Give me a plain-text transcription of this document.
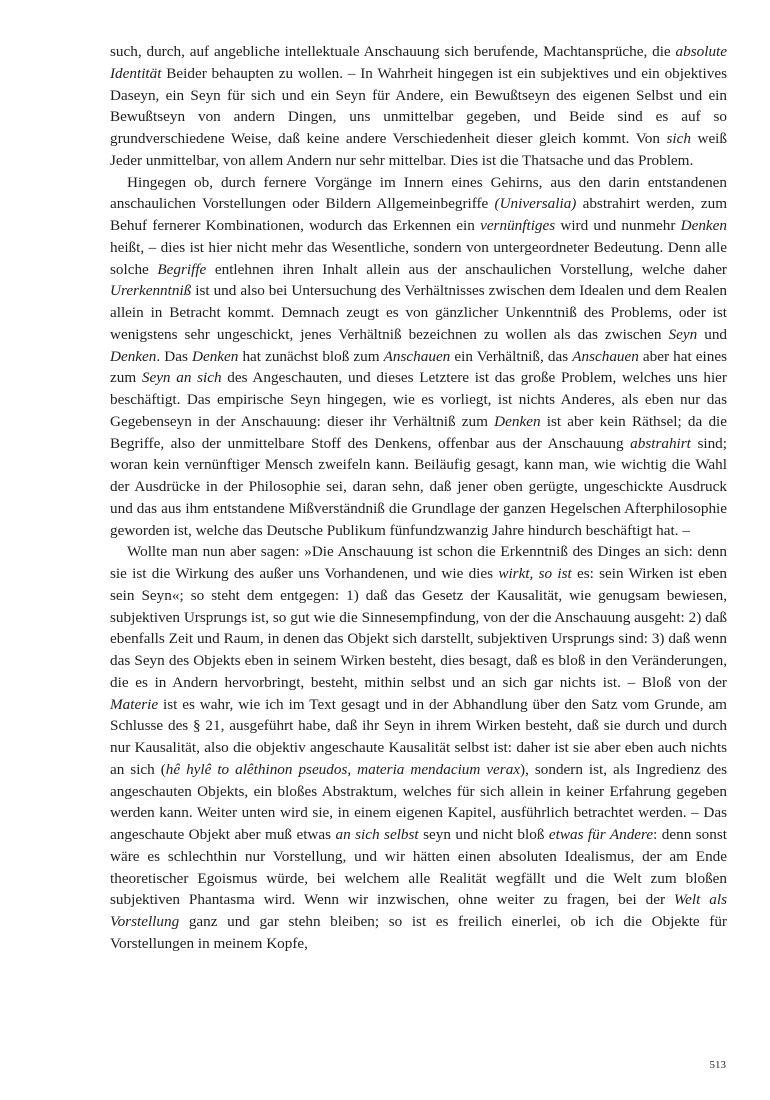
such, durch, auf angebliche intellektuale Anschauung sich berufende, Machtansprüche, die absolute Identität Beider behaupten zu wollen. – In Wahrheit hingegen ist ein subjektives und ein objektives Daseyn, ein Seyn für sich und ein Seyn für Andere, ein Bewußtseyn des eigenen Selbst und ein Bewußtseyn von andern Dingen, uns unmittelbar gegeben, und Beide sind es auf so grundverschiedene Weise, daß keine andere Verschiedenheit dieser gleich kommt. Von sich weiß Jeder unmittelbar, von allem Andern nur sehr mittelbar. Dies ist die Thatsache und das Problem.

Hingegen ob, durch fernere Vorgänge im Innern eines Gehirns, aus den darin entstandenen anschaulichen Vorstellungen oder Bildern Allgemeinbegriffe (Universalia) abstrahirt werden, zum Behuf fernerer Kombinationen, wodurch das Erkennen ein vernünftiges wird und nunmehr Denken heißt, – dies ist hier nicht mehr das Wesentliche, sondern von untergeordneter Bedeutung. Denn alle solche Begriffe entlehnen ihren Inhalt allein aus der anschaulichen Vorstellung, welche daher Urerkenntniß ist und also bei Untersuchung des Verhältnisses zwischen dem Idealen und dem Realen allein in Betracht kommt. Demnach zeugt es von gänzlicher Unkenntniß des Problems, oder ist wenigstens sehr ungeschickt, jenes Verhältniß bezeichnen zu wollen als das zwischen Seyn und Denken. Das Denken hat zunächst bloß zum Anschauen ein Verhältniß, das Anschauen aber hat eines zum Seyn an sich des Angeschauten, und dieses Letztere ist das große Problem, welches uns hier beschäftigt. Das empirische Seyn hingegen, wie es vorliegt, ist nichts Anderes, als eben nur das Gegebenseyn in der Anschauung: dieser ihr Verhältniß zum Denken ist aber kein Räthsel; da die Begriffe, also der unmittelbare Stoff des Denkens, offenbar aus der Anschauung abstrahirt sind; woran kein vernünftiger Mensch zweifeln kann. Beiläufig gesagt, kann man, wie wichtig die Wahl der Ausdrücke in der Philosophie sei, daran sehn, daß jener oben gerügte, ungeschickte Ausdruck und das aus ihm entstandene Mißverständniß die Grundlage der ganzen Hegelschen Afterphilosophie geworden ist, welche das Deutsche Publikum fünfundzwanzig Jahre hindurch beschäftigt hat. –

Wollte man nun aber sagen: »Die Anschauung ist schon die Erkenntniß des Dinges an sich: denn sie ist die Wirkung des außer uns Vorhandenen, und wie dies wirkt, so ist es: sein Wirken ist eben sein Seyn«; so steht dem entgegen: 1) daß das Gesetz der Kausalität, wie genugsam bewiesen, subjektiven Ursprungs ist, so gut wie die Sinnesempfindung, von der die Anschauung ausgeht: 2) daß ebenfalls Zeit und Raum, in denen das Objekt sich darstellt, subjektiven Ursprungs sind: 3) daß wenn das Seyn des Objekts eben in seinem Wirken besteht, dies besagt, daß es bloß in den Veränderungen, die es in Andern hervorbringt, besteht, mithin selbst und an sich gar nichts ist. – Bloß von der Materie ist es wahr, wie ich im Text gesagt und in der Abhandlung über den Satz vom Grunde, am Schlusse des § 21, ausgeführt habe, daß ihr Seyn in ihrem Wirken besteht, daß sie durch und durch nur Kausalität, also die objektiv angeschaute Kausalität selbst ist: daher ist sie aber eben auch nichts an sich (hê hylê to alêthinon pseudos, materia mendacium verax), sondern ist, als Ingredienz des angeschauten Objekts, ein bloßes Abstraktum, welches für sich allein in keiner Erfahrung gegeben werden kann. Weiter unten wird sie, in einem eigenen Kapitel, ausführlich betrachtet werden. – Das angeschaute Objekt aber muß etwas an sich selbst seyn und nicht bloß etwas für Andere: denn sonst wäre es schlechthin nur Vorstellung, und wir hätten einen absoluten Idealismus, der am Ende theoretischer Egoismus würde, bei welchem alle Realität wegfällt und die Welt zum bloßen subjektiven Phantasma wird. Wenn wir inzwischen, ohne weiter zu fragen, bei der Welt als Vorstellung ganz und gar stehn bleiben; so ist es freilich einerlei, ob ich die Objekte für Vorstellungen in meinem Kopfe,

513
